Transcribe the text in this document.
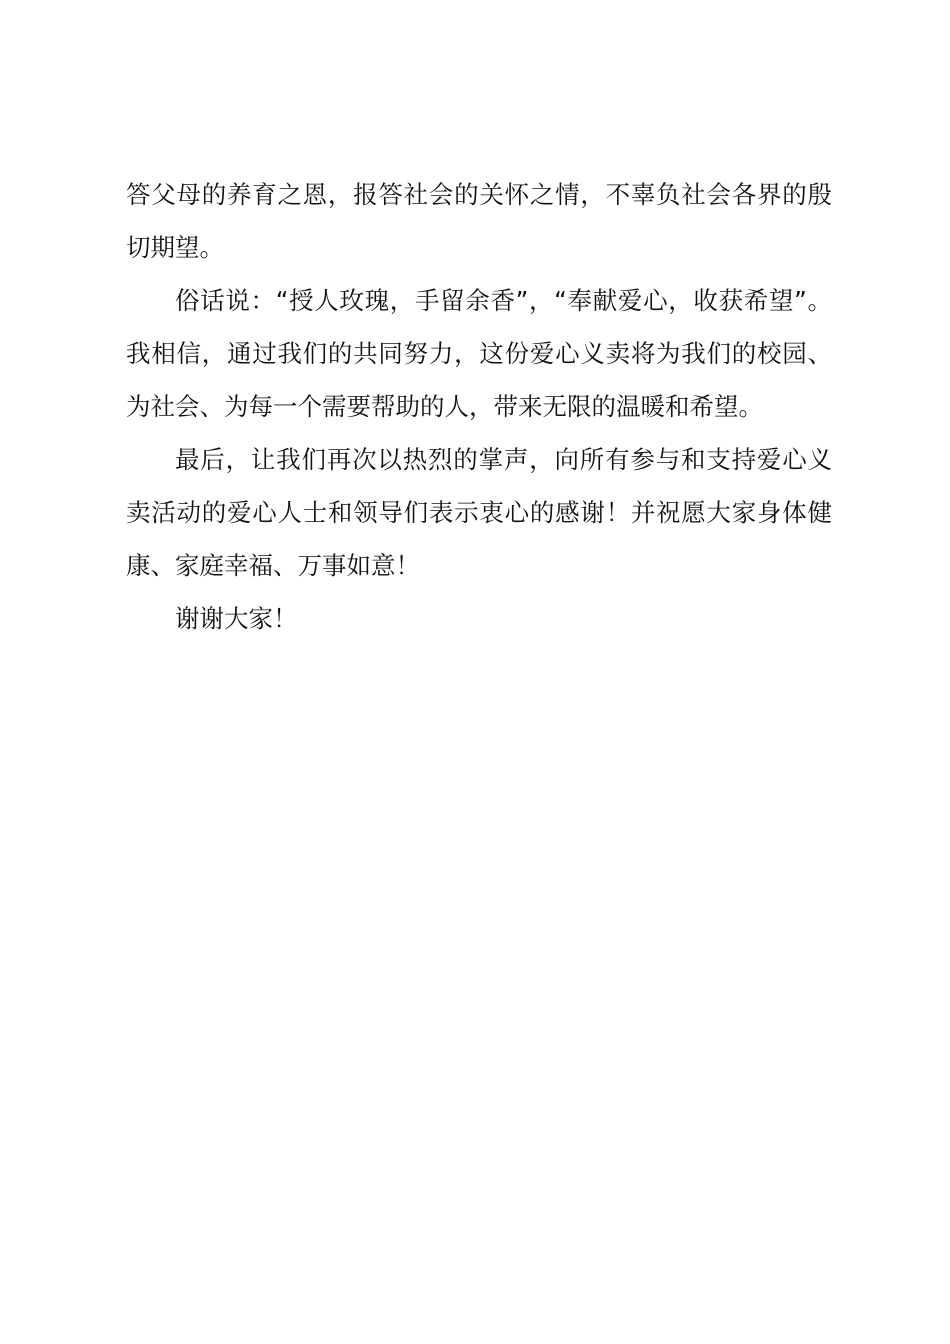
答父母的养育之恩，报答社会的关怀之情，不辜负社会各界的殷切期望。

俗话说：“授人玫瑰，手留余香”，“奉献爱心，收获希望”。我相信，通过我们的共同努力，这份爱心义卖将为我们的校园、为社会、为每一个需要帮助的人，带来无限的温暖和希望。

最后，让我们再次以热烈的掌声，向所有参与和支持爱心义卖活动的爱心人士和领导们表示衷心的感谢！并祝愿大家身体健康、家庭幸福、万事如意！

谢谢大家！
